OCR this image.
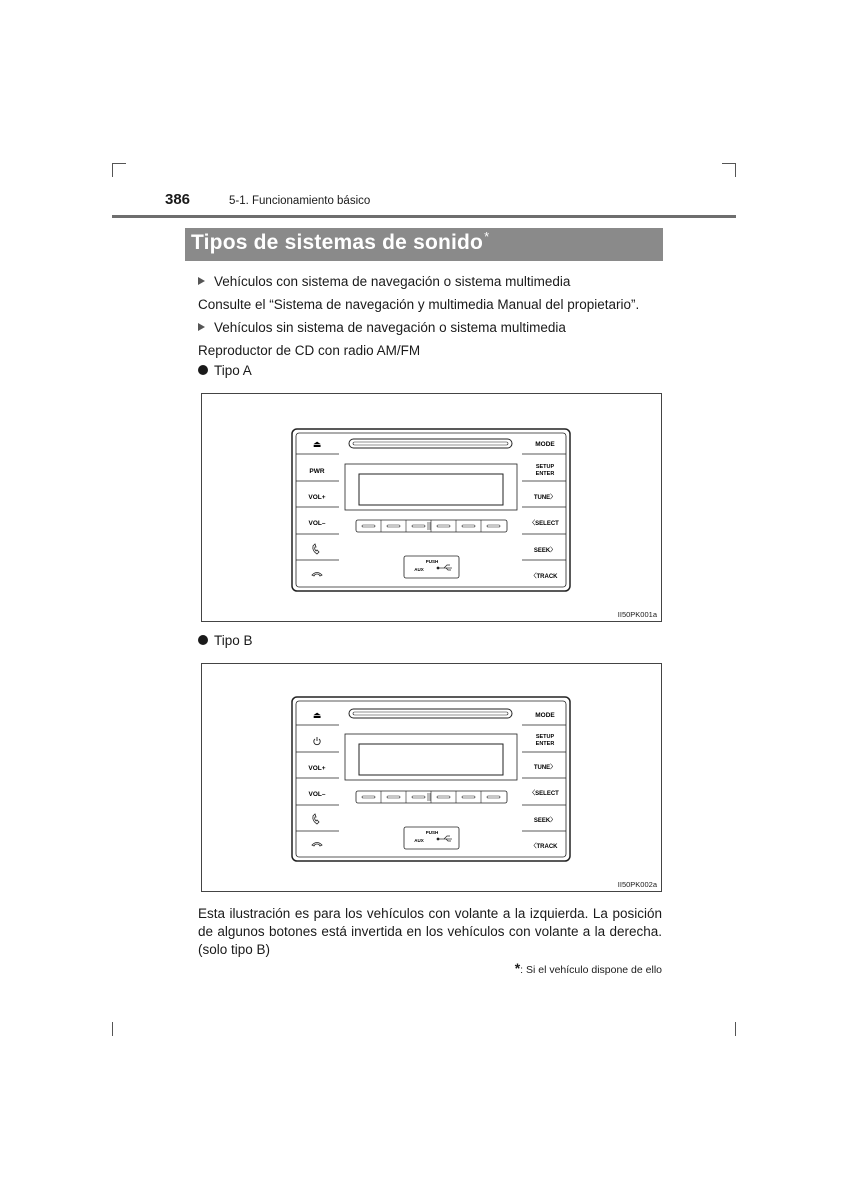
386	5-1. Funcionamiento básico
Tipos de sistemas de sonido*
Vehículos con sistema de navegación o sistema multimedia
Consulte el “Sistema de navegación y multimedia Manual del propietario”.
Vehículos sin sistema de navegación o sistema multimedia
Reproductor de CD con radio AM/FM
Tipo A
⏏
PWR
VOL+
VOL–
MODE
SETUP
ENTER
TUNE〉
〈SELECT
SEEK〉
〈TRACK
PUSH
AUX
II50PK001a
Tipo B
⏏
VOL+
VOL–
MODE
SETUP
ENTER
TUNE〉
〈SELECT
SEEK〉
〈TRACK
PUSH
AUX
II50PK002a
Esta ilustración es para los vehículos con volante a la izquierda. La posición de algunos botones está invertida en los vehículos con volante a la derecha. (solo tipo B)
*: Si el vehículo dispone de ello
